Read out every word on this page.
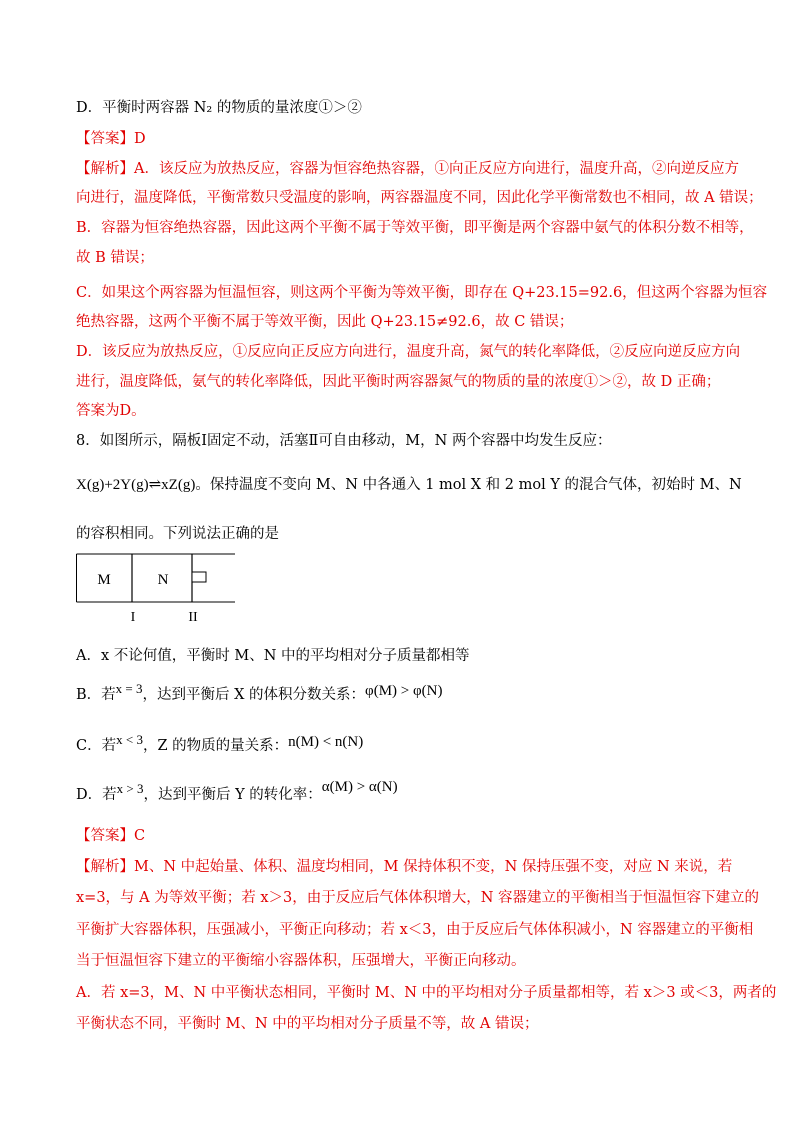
D．平衡时两容器 N₂ 的物质的量浓度①＞②
【答案】D
【解析】A．该反应为放热反应，容器为恒容绝热容器，①向正反应方向进行，温度升高，②向逆反应方
向进行，温度降低，平衡常数只受温度的影响，两容器温度不同，因此化学平衡常数也不相同，故 A 错误；
B．容器为恒容绝热容器，因此这两个平衡不属于等效平衡，即平衡是两个容器中氨气的体积分数不相等，
故 B 错误；
C．如果这个两容器为恒温恒容，则这两个平衡为等效平衡，即存在 Q+23.15=92.6，但这两个容器为恒容
绝热容器，这两个平衡不属于等效平衡，因此 Q+23.15≠92.6，故 C 错误；
D．该反应为放热反应，①反应向正反应方向进行，温度升高，氮气的转化率降低，②反应向逆反应方向
进行，温度降低，氨气的转化率降低，因此平衡时两容器氮气的物质的量的浓度①＞②，故 D 正确；
答案为D。
8．如图所示，隔板Ⅰ固定不动，活塞Ⅱ可自由移动，M，N 两个容器中均发生反应：
X(g)+2Y(g)⇌xZ(g)。保持温度不变向 M、N 中各通入 1 mol X 和 2 mol Y 的混合气体，初始时 M、N
的容积相同。下列说法正确的是
M	N
I	II
A．x 不论何值，平衡时 M、N 中的平均相对分子质量都相等
B．若x = 3，达到平衡后 X 的体积分数关系：φ(M) > φ(N)
C．若x < 3，Z 的物质的量关系：n(M) < n(N)
D．若x > 3，达到平衡后 Y 的转化率：α(M) > α(N)
【答案】C
【解析】M、N 中起始量、体积、温度均相同，M 保持体积不变，N 保持压强不变，对应 N 来说，若
x=3，与 A 为等效平衡；若 x＞3，由于反应后气体体积增大，N 容器建立的平衡相当于恒温恒容下建立的
平衡扩大容器体积，压强减小，平衡正向移动；若 x＜3，由于反应后气体体积减小，N 容器建立的平衡相
当于恒温恒容下建立的平衡缩小容器体积，压强增大，平衡正向移动。
A．若 x=3，M、N 中平衡状态相同，平衡时 M、N 中的平均相对分子质量都相等，若 x＞3 或＜3，两者的
平衡状态不同，平衡时 M、N 中的平均相对分子质量不等，故 A 错误；
